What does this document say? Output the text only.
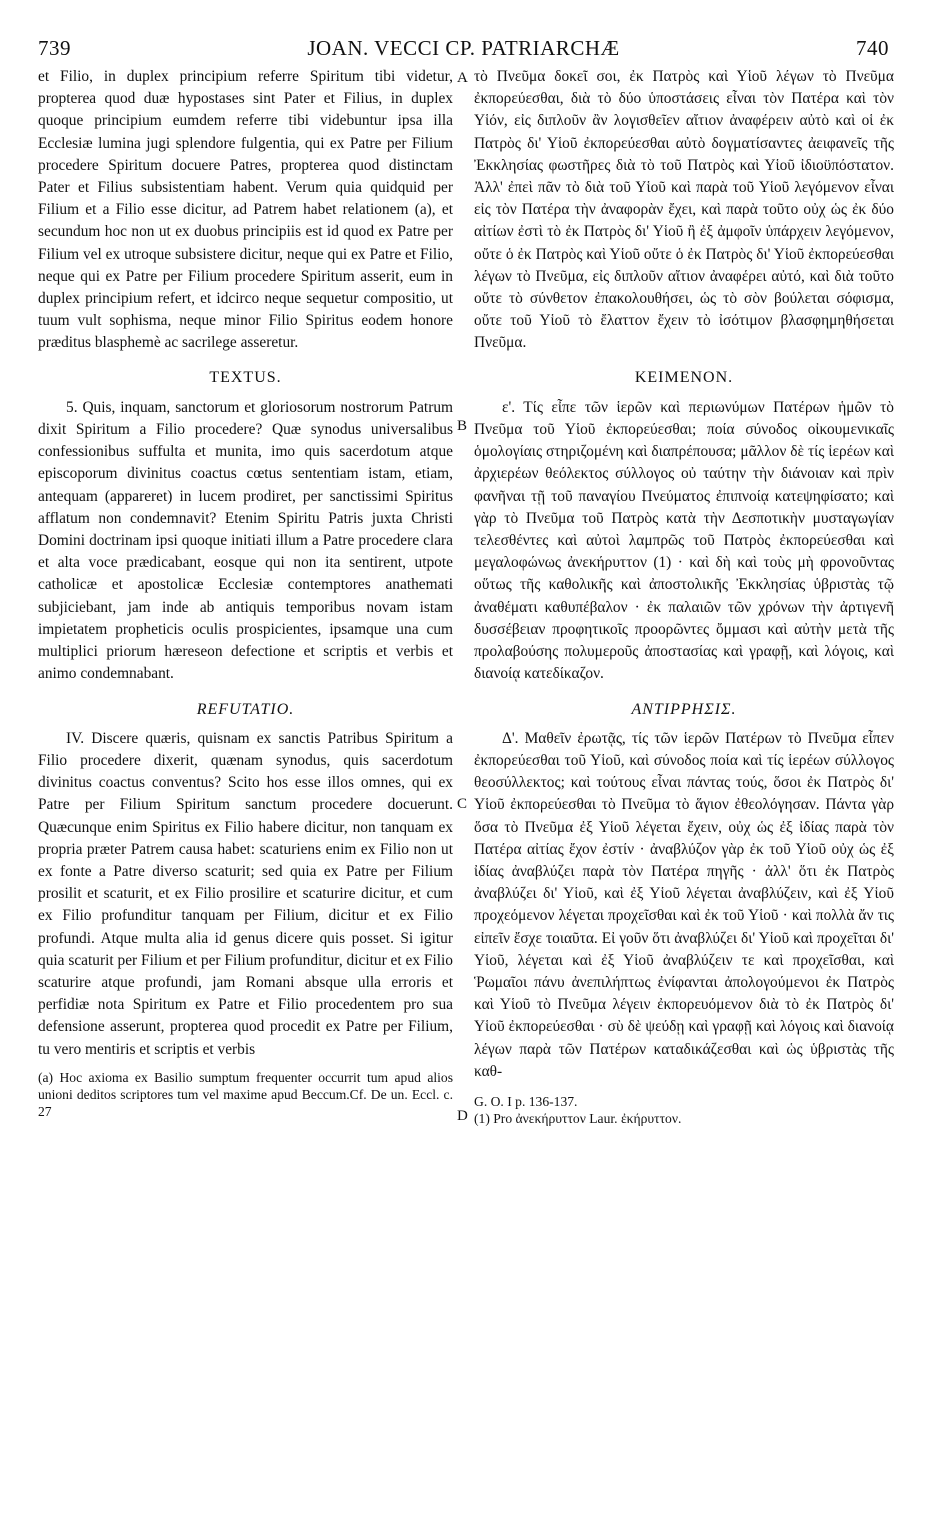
739	JOAN. VECCI CP. PATRIARCHÆ	740
A
B
C
D

et Filio, in duplex principium referre Spiritum tibi videtur, propterea quod duæ hypostases sint Pater et Filius, in duplex quoque principium eumdem referre tibi videbuntur ipsa illa Ecclesiæ lumina jugi splendore fulgentia, qui ex Patre per Filium procedere Spiritum docuere Patres, propterea quod distinctam Pater et Filius subsistentiam habent. Verum quia quidquid per Filium et a Filio esse dicitur, ad Patrem habet relationem (a), et secundum hoc non ut ex duobus principiis est id quod ex Patre per Filium vel ex utroque subsistere dicitur, neque qui ex Patre et Filio, neque qui ex Patre per Filium procedere Spiritum asserit, eum in duplex principium refert, et idcirco neque sequetur compositio, ut tuum vult sophisma, neque minor Filio Spiritus eodem honore præditus blasphemè ac sacrilege asseretur.

TEXTUS.

5. Quis, inquam, sanctorum et gloriosorum nostrorum Patrum dixit Spiritum a Filio procedere? Quæ synodus universalibus confessionibus suffulta et munita, imo quis sacerdotum atque episcoporum divinitus coactus cœtus sententiam istam, etiam, antequam (appareret) in lucem prodiret, per sanctissimi Spiritus afflatum non condemnavit? Etenim Spiritu Patris juxta Christi Domini doctrinam ipsi quoque initiati illum a Patre procedere clara et alta voce prædicabant, eosque qui non ita sentirent, utpote catholicæ et apostolicæ Ecclesiæ contemptores anathemati subjiciebant, jam inde ab antiquis temporibus novam istam impietatem propheticis oculis prospicientes, ipsamque una cum multiplici priorum hæreseon defectione et scriptis et verbis et animo condemnabant.

REFUTATIO.

IV. Discere quæris, quisnam ex sanctis Patribus Spiritum a Filio procedere dixerit, quænam synodus, quis sacerdotum divinitus coactus conventus? Scito hos esse illos omnes, qui ex Patre per Filium Spiritum sanctum procedere docuerunt. Quæcunque enim Spiritus ex Filio habere dicitur, non tanquam ex propria præter Patrem causa habet: scaturiens enim ex Filio non ut ex fonte a Patre diverso scaturit; sed quia ex Patre per Filium prosilit et scaturit, et ex Filio prosilire et scaturire dicitur, et cum ex Filio profunditur tanquam per Filium, dicitur et ex Filio profundi. Atque multa alia id genus dicere quis posset. Si igitur quia scaturit per Filium et per Filium profunditur, dicitur et ex Filio scaturire atque profundi, jam Romani absque ulla erroris et perfidiæ nota Spiritum ex Patre et Filio procedentem pro sua defensione asserunt, propterea quod procedit ex Patre per Filium, tu vero mentiris et scriptis et verbis

(a) Hoc axioma ex Basilio sumptum frequenter occurrit tum apud alios unioni deditos scriptores tum vel maxime apud Beccum.Cf. De un. Eccl. c. 27

τὸ Πνεῦμα δοκεῖ σοι, ἐκ Πατρὸς καὶ Υἱοῦ λέγων τὸ Πνεῦμα ἐκπορεύεσθαι, διὰ τὸ δύο ὑποστάσεις εἶναι τὸν Πατέρα καὶ τὸν Υἱόν, εἰς διπλοῦν ἂν λογισθεῖεν αἴτιον ἀναφέρειν αὐτὸ καὶ οἱ ἐκ Πατρὸς δι' Υἱοῦ ἐκπορεύεσθαι αὐτὸ δογματίσαντες ἀειφανεῖς τῆς Ἐκκλησίας φωστῆρες διὰ τὸ τοῦ Πατρὸς καὶ Υἱοῦ ἰδιοϋπόστατον. Ἀλλ' ἐπεὶ πᾶν τὸ διὰ τοῦ Υἱοῦ καὶ παρὰ τοῦ Υἱοῦ λεγόμενον εἶναι εἰς τὸν Πατέρα τὴν ἀναφορὰν ἔχει, καὶ παρὰ τοῦτο οὐχ ὡς ἐκ δύο αἰτίων ἐστὶ τὸ ἐκ Πατρὸς δι' Υἱοῦ ἢ ἐξ ἀμφοῖν ὑπάρχειν λεγόμενον, οὔτε ὁ ἐκ Πατρὸς καὶ Υἱοῦ οὔτε ὁ ἐκ Πατρὸς δι' Υἱοῦ ἐκπορεύεσθαι λέγων τὸ Πνεῦμα, εἰς διπλοῦν αἴτιον ἀναφέρει αὐτό, καὶ διὰ τοῦτο οὔτε τὸ σύνθετον ἐπακολουθήσει, ὡς τὸ σὸν βούλεται σόφισμα, οὔτε τοῦ Υἱοῦ τὸ ἔλαττον ἔχειν τὸ ἰσότιμον βλασφημηθήσεται Πνεῦμα.

ΚΕΙΜΕΝΟΝ.

ε'. Τίς εἶπε τῶν ἱερῶν καὶ περιωνύμων Πατέρων ἡμῶν τὸ Πνεῦμα τοῦ Υἱοῦ ἐκπορεύεσθαι; ποία σύνοδος οἰκουμενικαῖς ὁμολογίαις στηριζομένη καὶ διαπρέπουσα; μᾶλλον δὲ τίς ἱερέων καὶ ἀρχιερέων θεόλεκτος σύλλογος οὐ ταύτην τὴν διάνοιαν καὶ πρὶν φανῆναι τῇ τοῦ παναγίου Πνεύματος ἐπιπνοίᾳ κατεψηφίσατο; καὶ γὰρ τὸ Πνεῦμα τοῦ Πατρὸς κατὰ τὴν Δεσποτικὴν μυσταγωγίαν τελεσθέντες καὶ αὐτοὶ λαμπρῶς τοῦ Πατρὸς ἐκπορεύεσθαι καὶ μεγαλοφώνως ἀνεκήρυττον (1) · καὶ δὴ καὶ τοὺς μὴ φρονοῦντας οὕτως τῆς καθολικῆς καὶ ἀποστολικῆς Ἐκκλησίας ὑβριστὰς τῷ ἀναθέματι καθυπέβαλον · ἐκ παλαιῶν τῶν χρόνων τὴν ἀρτιγενῆ δυσσέβειαν προφητικοῖς προορῶντες ὄμμασι καὶ αὐτὴν μετὰ τῆς προλαβούσης πολυμεροῦς ἀποστασίας καὶ γραφῇ, καὶ λόγοις, καὶ διανοίᾳ κατεδίκαζον.

ΑΝΤΙΡΡΗΣΙΣ.

Δ'. Μαθεῖν ἐρωτᾷς, τίς τῶν ἱερῶν Πατέρων τὸ Πνεῦμα εἶπεν ἐκπορεύεσθαι τοῦ Υἱοῦ, καὶ σύνοδος ποία καὶ τίς ἱερέων σύλλογος θεοσύλλεκτος; καὶ τούτους εἶναι πάντας τούς, ὅσοι ἐκ Πατρὸς δι' Υἱοῦ ἐκπορεύεσθαι τὸ Πνεῦμα τὸ ἅγιον ἐθεολόγησαν. Πάντα γὰρ ὅσα τὸ Πνεῦμα ἐξ Υἱοῦ λέγεται ἔχειν, οὐχ ὡς ἐξ ἰδίας παρὰ τὸν Πατέρα αἰτίας ἔχον ἐστίν · ἀναβλύζον γὰρ ἐκ τοῦ Υἱοῦ οὐχ ὡς ἐξ ἰδίας ἀναβλύζει παρὰ τὸν Πατέρα πηγῆς · ἀλλ' ὅτι ἐκ Πατρὸς ἀναβλύζει δι' Υἱοῦ, καὶ ἐξ Υἱοῦ λέγεται ἀναβλύζειν, καὶ ἐξ Υἱοῦ προχεόμενον λέγεται προχεῖσθαι καὶ ἐκ τοῦ Υἱοῦ · καὶ πολλὰ ἄν τις εἰπεῖν ἔσχε τοιαῦτα. Εἰ γοῦν ὅτι ἀναβλύζει δι' Υἱοῦ καὶ προχεῖται δι' Υἱοῦ, λέγεται καὶ ἐξ Υἱοῦ ἀναβλύζειν τε καὶ προχεῖσθαι, καὶ Ῥωμαῖοι πάνυ ἀνεπιλήπτως ἐνίφανται ἀπολογούμενοι ἐκ Πατρὸς καὶ Υἱοῦ τὸ Πνεῦμα λέγειν ἐκπορευόμενον διὰ τὸ ἐκ Πατρὸς δι' Υἱοῦ ἐκπορεύεσθαι · σὺ δὲ ψεύδῃ καὶ γραφῇ καὶ λόγοις καὶ διανοίᾳ λέγων παρὰ τῶν Πατέρων καταδικάζεσθαι καὶ ὡς ὑβριστὰς τῆς καθ-

G. O. I p. 136-137.

(1) Pro ἀνεκήρυττον Laur. ἐκήρυττον.
